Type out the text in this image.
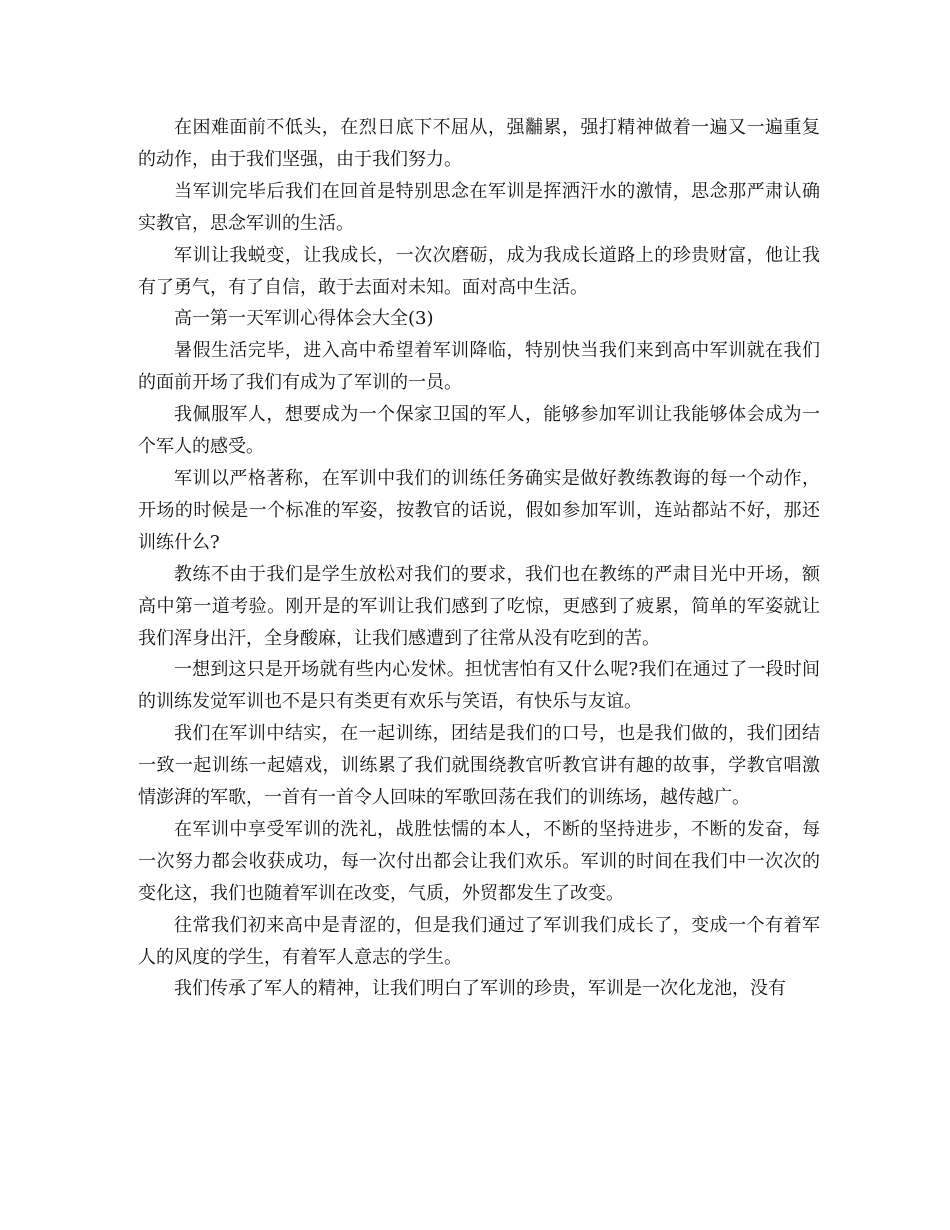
在困难面前不低头，在烈日底下不屈从，强黼累，强打精神做着一遍又一遍重复的动作，由于我们坚强，由于我们努力。

当军训完毕后我们在回首是特别思念在军训是挥洒汗水的激情，思念那严肃认确实教官，思念军训的生活。

军训让我蜕变，让我成长，一次次磨砺，成为我成长道路上的珍贵财富，他让我有了勇气，有了自信，敢于去面对未知。面对高中生活。

高一第一天军训心得体会大全(3)

暑假生活完毕，进入高中希望着军训降临，特别快当我们来到高中军训就在我们的面前开场了我们有成为了军训的一员。

我佩服军人，想要成为一个保家卫国的军人，能够参加军训让我能够体会成为一个军人的感受。

军训以严格著称，在军训中我们的训练任务确实是做好教练教诲的每一个动作，开场的时候是一个标准的军姿，按教官的话说，假如参加军训，连站都站不好，那还训练什么?

教练不由于我们是学生放松对我们的要求，我们也在教练的严肃目光中开场，额高中第一道考验。刚开是的军训让我们感到了吃惊，更感到了疲累，简单的军姿就让我们浑身出汗，全身酸麻，让我们感遭到了往常从没有吃到的苦。

一想到这只是开场就有些内心发怵。担忧害怕有又什么呢?我们在通过了一段时间的训练发觉军训也不是只有类更有欢乐与笑语，有快乐与友谊。

我们在军训中结实，在一起训练，团结是我们的口号，也是我们做的，我们团结一致一起训练一起嬉戏，训练累了我们就围绕教官听教官讲有趣的故事，学教官唱激情澎湃的军歌，一首有一首令人回味的军歌回荡在我们的训练场，越传越广。

在军训中享受军训的洗礼，战胜怯懦的本人，不断的坚持进步，不断的发奋，每一次努力都会收获成功，每一次付出都会让我们欢乐。军训的时间在我们中一次次的变化这，我们也随着军训在改变，气质，外贸都发生了改变。

往常我们初来高中是青涩的，但是我们通过了军训我们成长了，变成一个有着军人的风度的学生，有着军人意志的学生。

我们传承了军人的精神，让我们明白了军训的珍贵，军训是一次化龙池，没有
